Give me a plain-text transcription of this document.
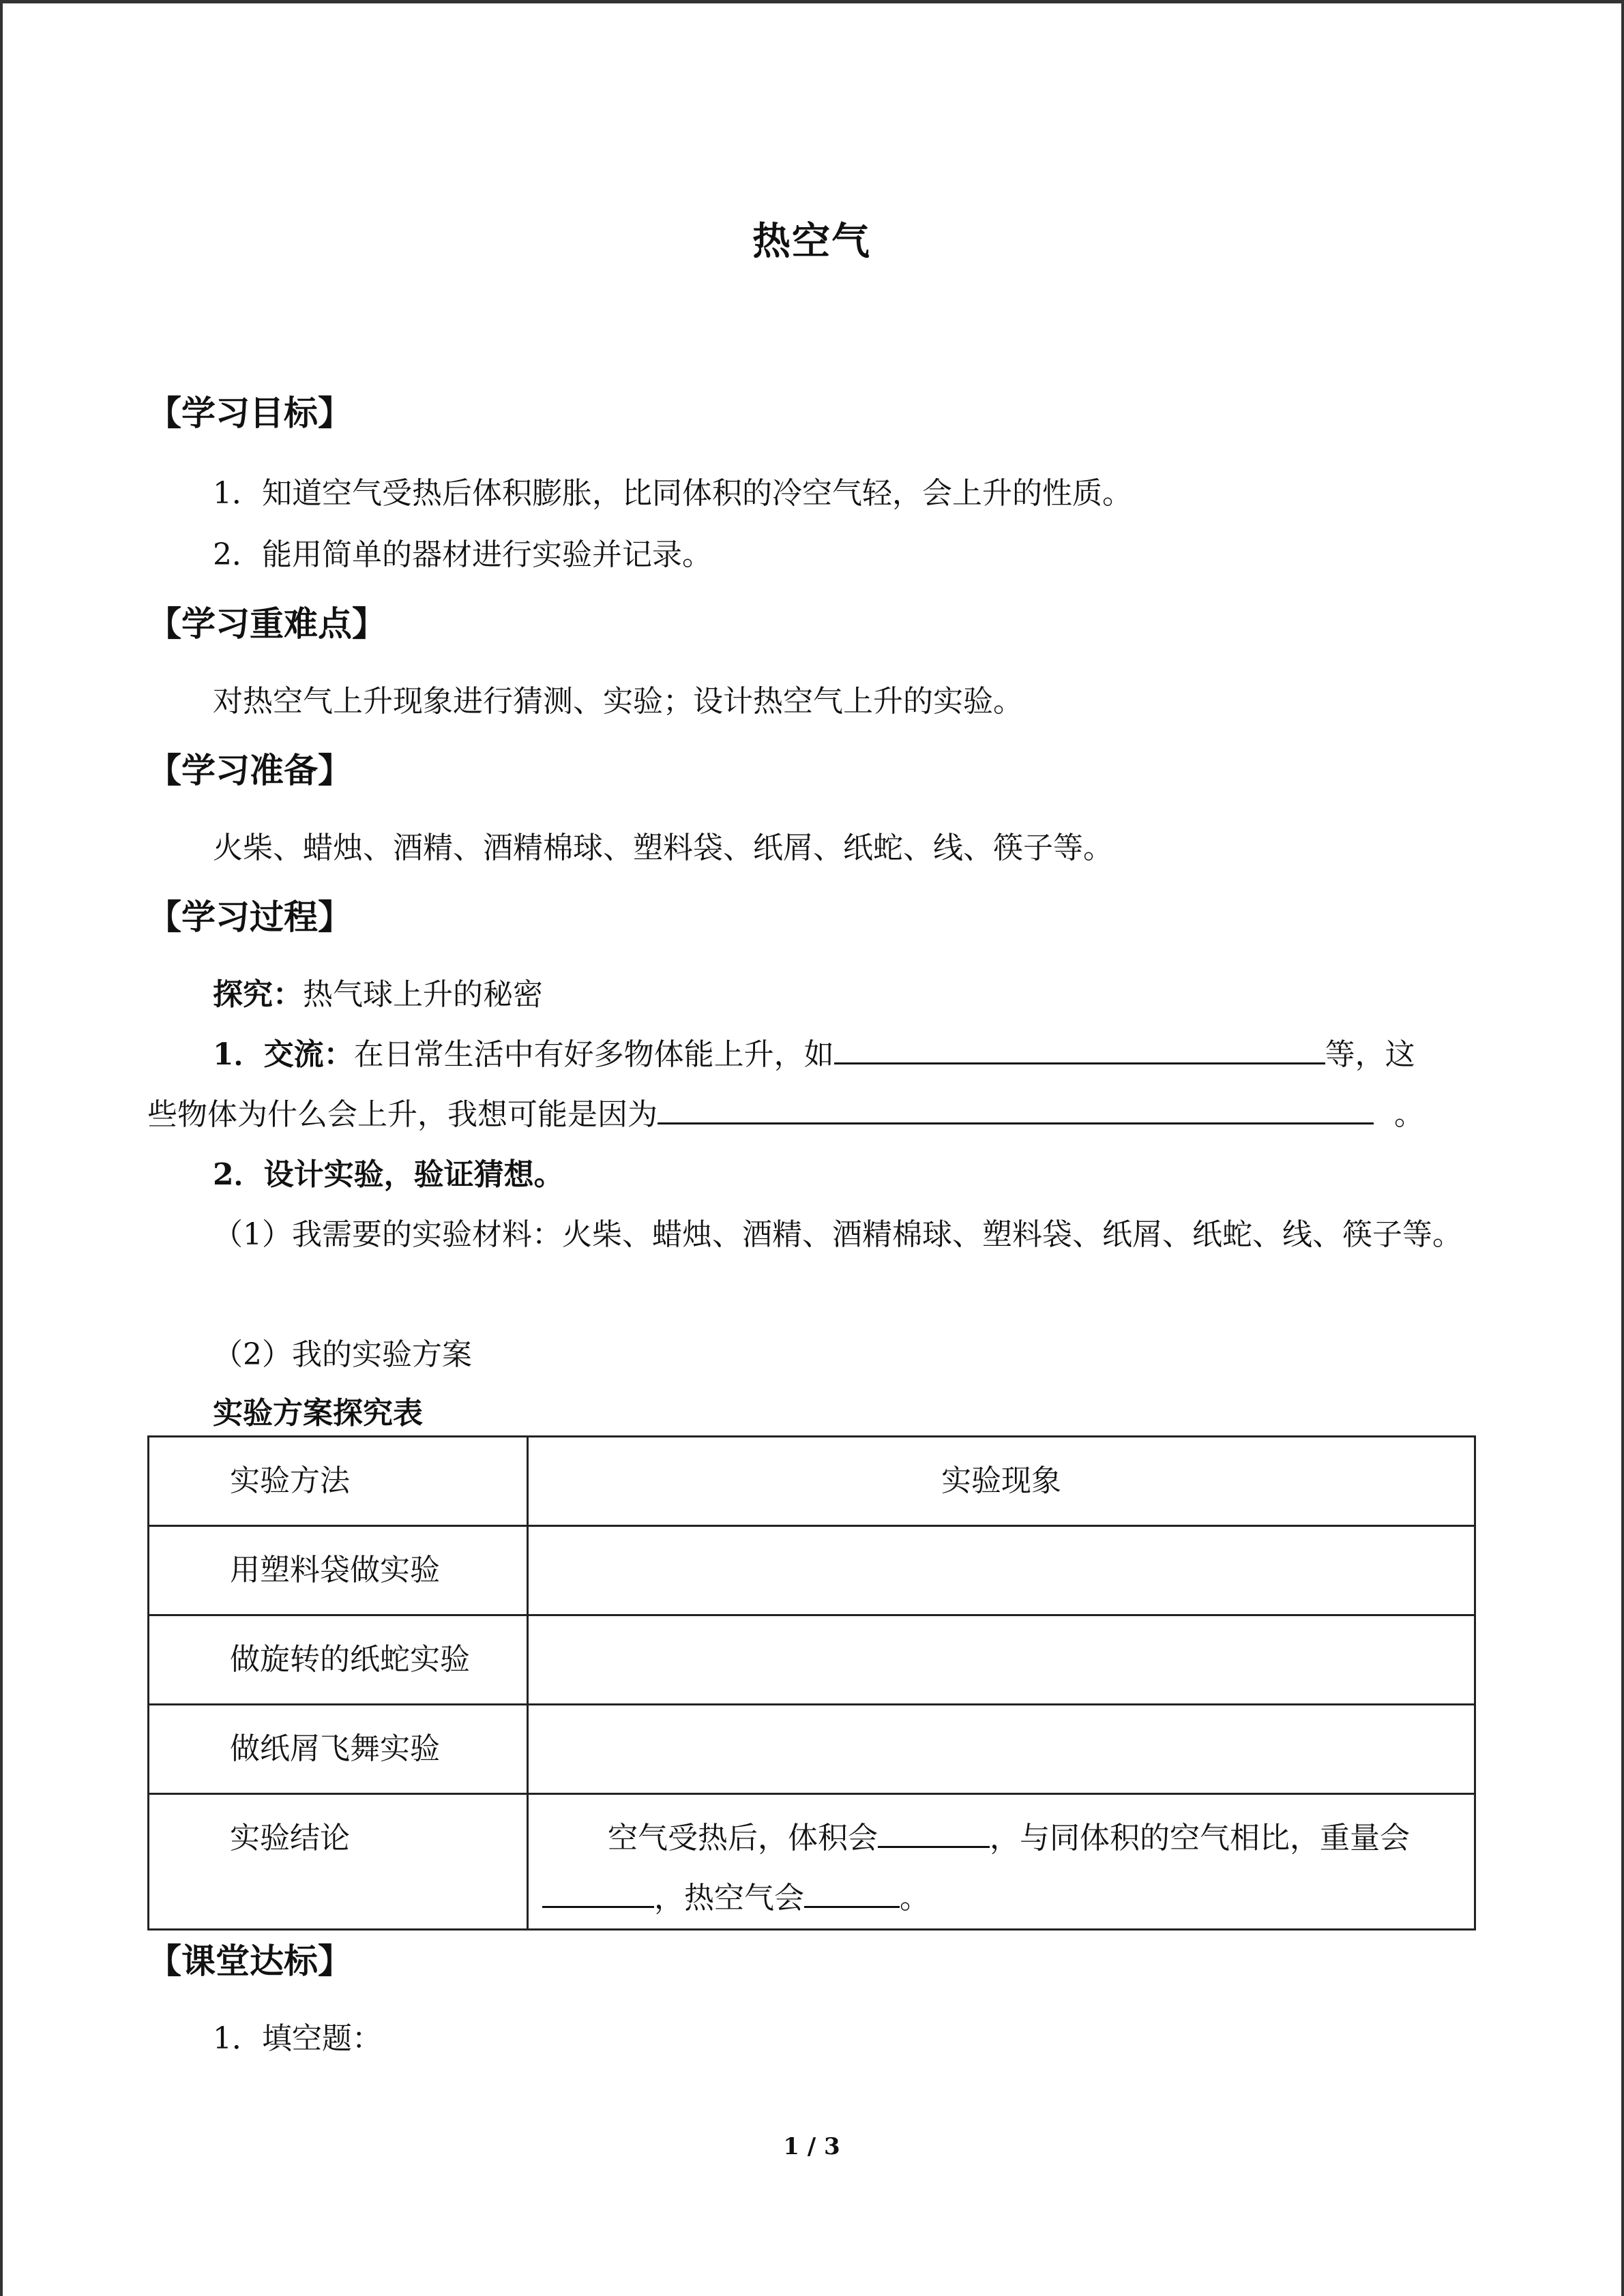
热空气
【学习目标】
1．知道空气受热后体积膨胀，比同体积的冷空气轻，会上升的性质。
2．能用简单的器材进行实验并记录。
【学习重难点】
对热空气上升现象进行猜测、实验；设计热空气上升的实验。
【学习准备】
火柴、蜡烛、酒精、酒精棉球、塑料袋、纸屑、纸蛇、线、筷子等。
【学习过程】
探究：热气球上升的秘密
1．交流：在日常生活中有好多物体能上升，如	等，这
些物体为什么会上升，我想可能是因为	。
2．设计实验，验证猜想。
（1）我需要的实验材料：火柴、蜡烛、酒精、酒精棉球、塑料袋、纸屑、纸蛇、线、筷子等。
（2）我的实验方案
实验方案探究表
实验方法	实验现象
用塑料袋做实验	
做旋转的纸蛇实验	
做纸屑飞舞实验	
实验结论	空气受热后，体积会 ，与同体积的空气相比，重量会，热空气会 。
【课堂达标】
1．填空题：
1 / 3
